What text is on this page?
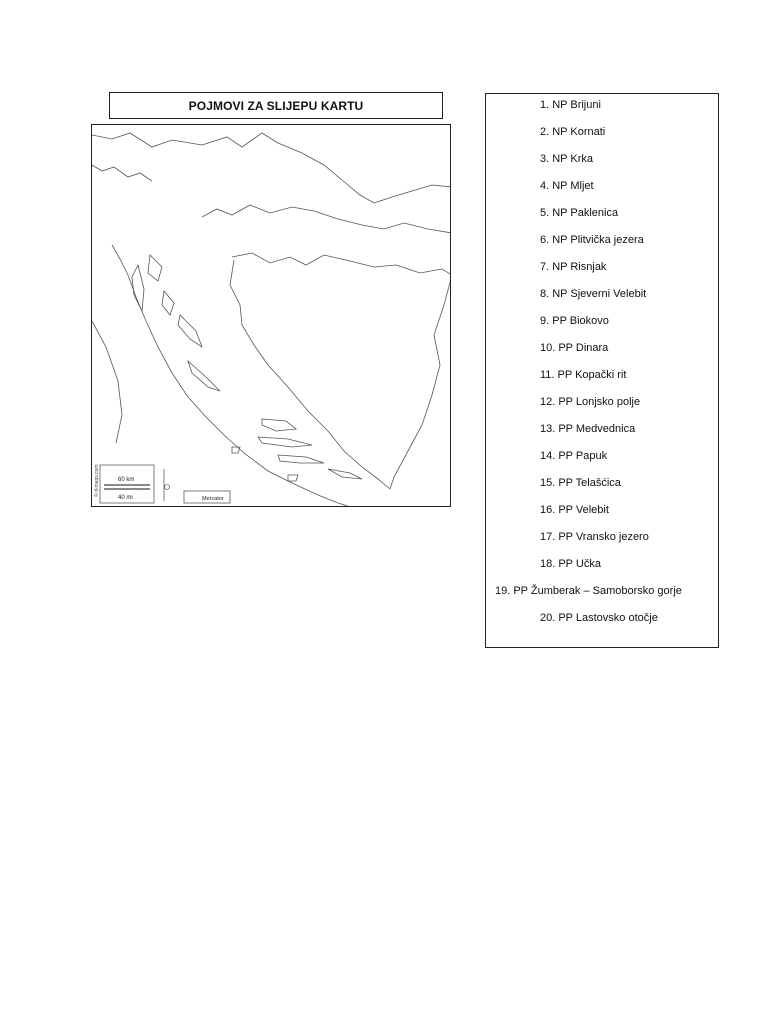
POJMOVI ZA SLIJEPU KARTU
© d-maps.com	60 km
40 mi	Mercator
1. NP Brijuni
2. NP Kornati
3. NP Krka
4. NP Mljet
5. NP Paklenica
6. NP Plitvička jezera
7. NP Risnjak
8. NP Sjeverni Velebit
9. PP Biokovo
10. PP Dinara
11. PP Kopački rit
12. PP Lonjsko polje
13. PP Medvednica
14. PP Papuk
15. PP Telašćica
16. PP Velebit
17. PP Vransko jezero
18. PP Učka
19. PP Žumberak – Samoborsko gorje
20. PP Lastovsko otočje
